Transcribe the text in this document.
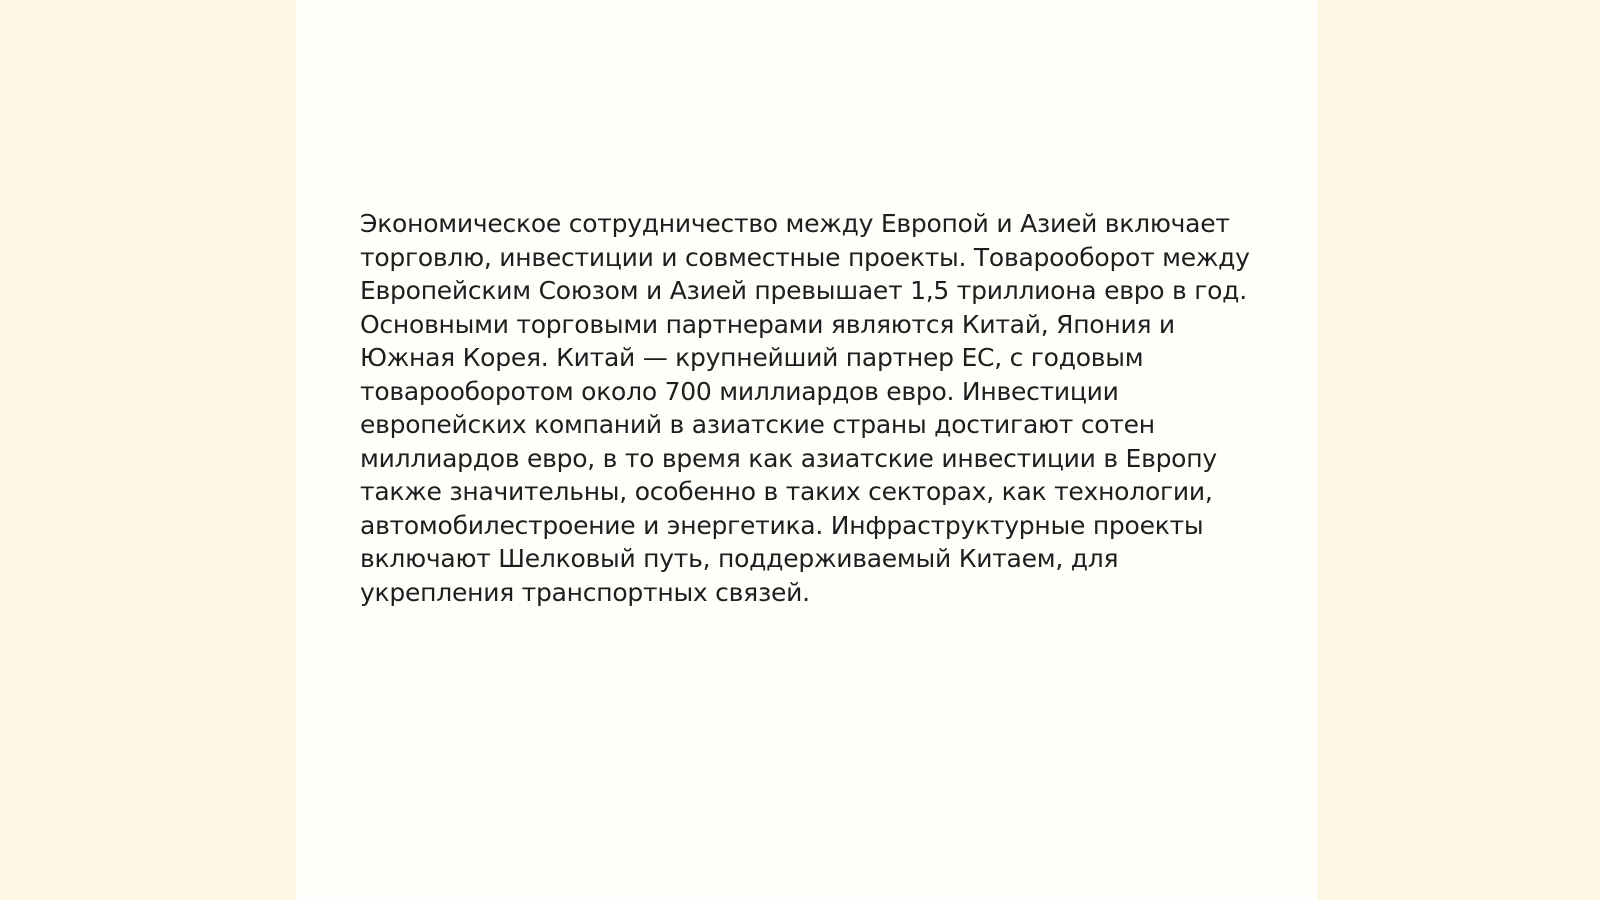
Экономическое сотрудничество между Европой и Азией включает торговлю, инвестиции и совместные проекты. Товарооборот между Европейским Союзом и Азией превышает 1,5 триллиона евро в год. Основными торговыми партнерами являются Китай, Япония и Южная Корея. Китай — крупнейший партнер ЕС, с годовым товарооборотом около 700 миллиардов евро. Инвестиции европейских компаний в азиатские страны достигают сотен миллиардов евро, в то время как азиатские инвестиции в Европу также значительны, особенно в таких секторах, как технологии, автомобилестроение и энергетика. Инфраструктурные проекты включают Шелковый путь, поддерживаемый Китаем, для укрепления транспортных связей.
